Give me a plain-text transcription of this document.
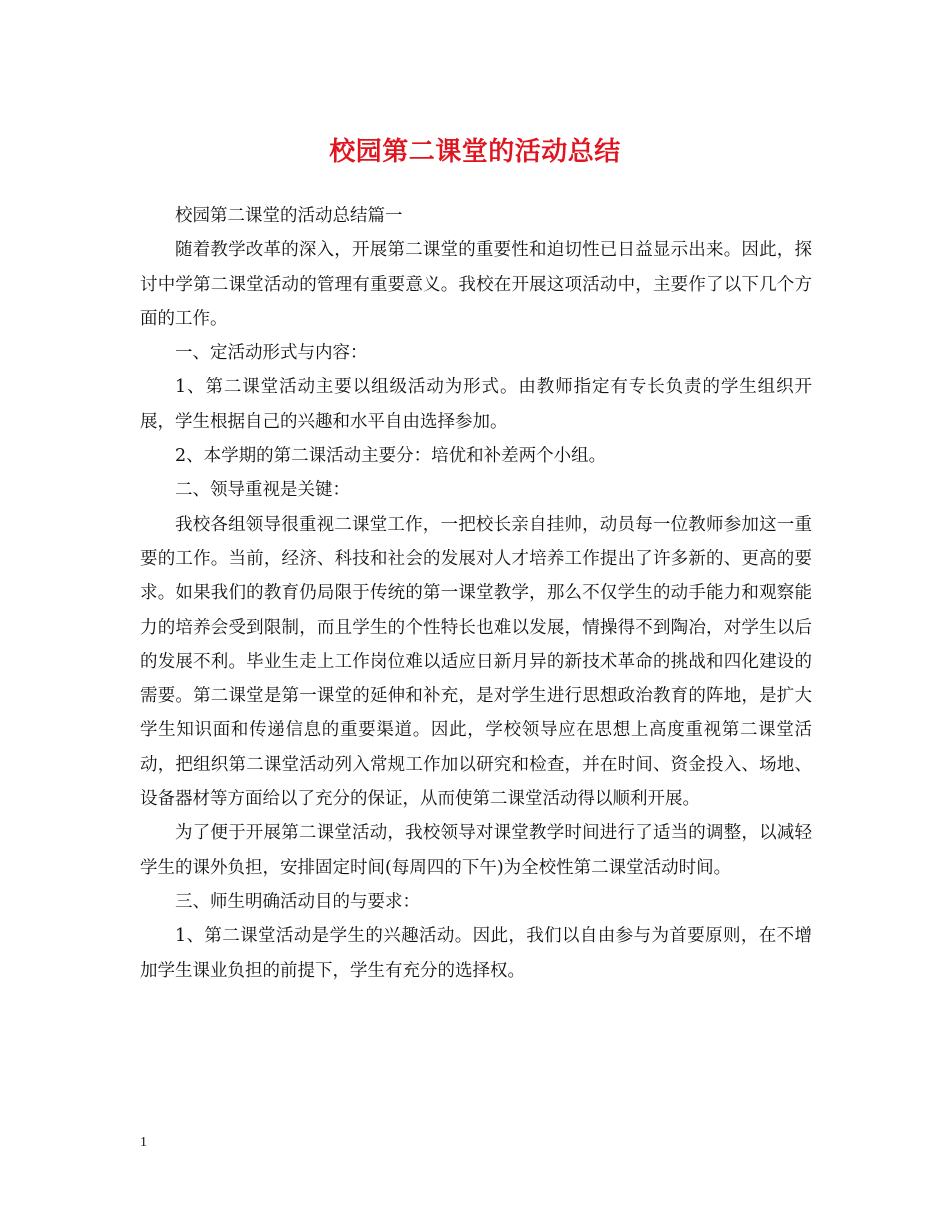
校园第二课堂的活动总结

校园第二课堂的活动总结篇一

随着教学改革的深入，开展第二课堂的重要性和迫切性已日益显示出来。因此，探讨中学第二课堂活动的管理有重要意义。我校在开展这项活动中，主要作了以下几个方面的工作。

一、定活动形式与内容：

1、第二课堂活动主要以组级活动为形式。由教师指定有专长负责的学生组织开展，学生根据自己的兴趣和水平自由选择参加。

2、本学期的第二课活动主要分：培优和补差两个小组。

二、领导重视是关键：

我校各组领导很重视二课堂工作，一把校长亲自挂帅，动员每一位教师参加这一重要的工作。当前，经济、科技和社会的发展对人才培养工作提出了许多新的、更高的要求。如果我们的教育仍局限于传统的第一课堂教学，那么不仅学生的动手能力和观察能力的培养会受到限制，而且学生的个性特长也难以发展，情操得不到陶冶，对学生以后的发展不利。毕业生走上工作岗位难以适应日新月异的新技术革命的挑战和四化建设的需要。第二课堂是第一课堂的延伸和补充，是对学生进行思想政治教育的阵地，是扩大学生知识面和传递信息的重要渠道。因此，学校领导应在思想上高度重视第二课堂活动，把组织第二课堂活动列入常规工作加以研究和检查，并在时间、资金投入、场地、设备器材等方面给以了充分的保证，从而使第二课堂活动得以顺利开展。

为了便于开展第二课堂活动，我校领导对课堂教学时间进行了适当的调整，以减轻学生的课外负担，安排固定时间(每周四的下午)为全校性第二课堂活动时间。

三、师生明确活动目的与要求：

1、第二课堂活动是学生的兴趣活动。因此，我们以自由参与为首要原则，在不增加学生课业负担的前提下，学生有充分的选择权。

1
